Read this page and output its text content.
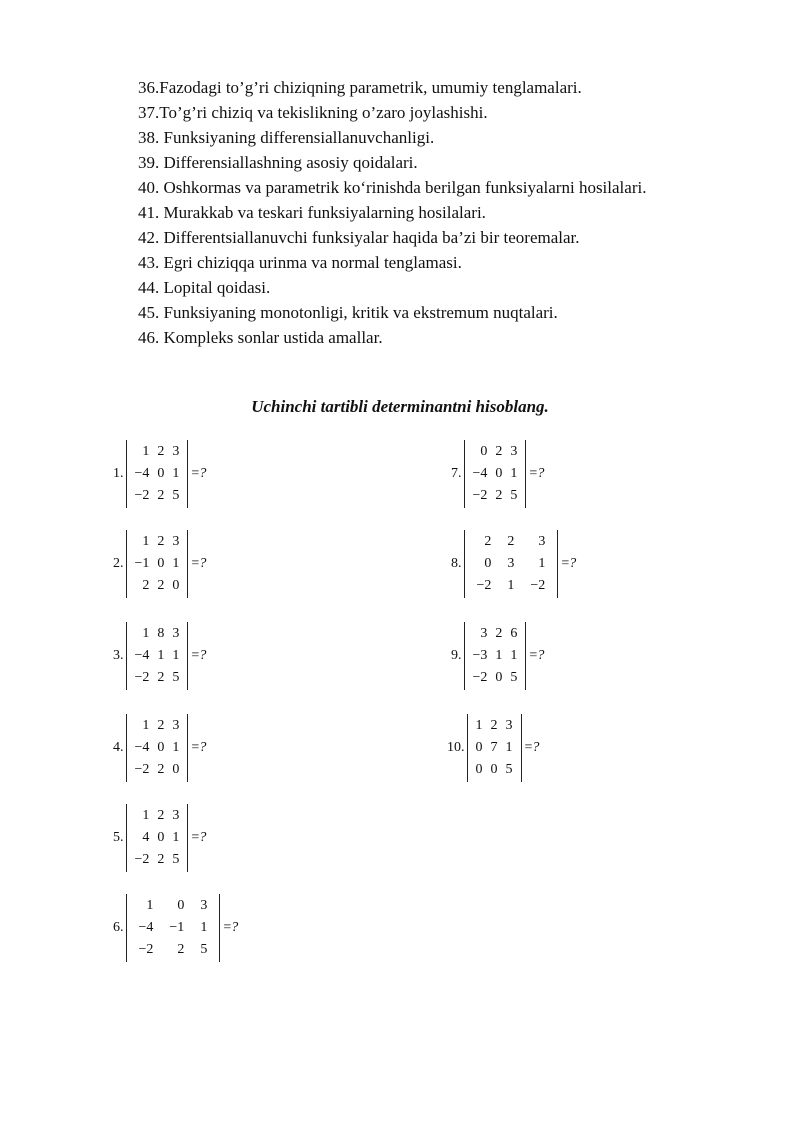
36.Fazodagi to’g’ri chiziqning parametrik, umumiy tenglamalari.
37.To’g’ri chiziq va tekislikning o’zaro joylashishi.
38. Funksiyaning differensiallanuvchanligi.
39. Differensiallashning asosiy qoidalari.
40. Oshkormas va parametrik ko‘rinishda berilgan funksiyalarni hosilalari.
41. Murakkab va teskari funksiyalarning hosilalari.
42. Differentsiallanuvchi funksiyalar haqida ba’zi bir teoremalar.
43. Egri chiziqqa urinma va normal tenglamasi.
44. Lopital qoidasi.
45. Funksiyaning monotonligi, kritik va ekstremum nuqtalari.
46. Kompleks sonlar ustida amallar.
Uchinchi tartibli determinantni hisoblang.
1.
1	2	3
−4	0	1
−2	2	5
=?
2.
1	2	3
−1	0	1
2	2	0
=?
3.
1	8	3
−4	1	1
−2	2	5
=?
4.
1	2	3
−4	0	1
−2	2	0
=?
5.
1	2	3
4	0	1
−2	2	5
=?
6.
1	0	3
−4	−1	1
−2	2	5
=?
7.
0	2	3
−4	0	1
−2	2	5
=?
8.
2	2	3
0	3	1
−2	1	−2
=?
9.
3	2	6
−3	1	1
−2	0	5
=?
10.
1	2	3
0	7	1
0	0	5
=?
